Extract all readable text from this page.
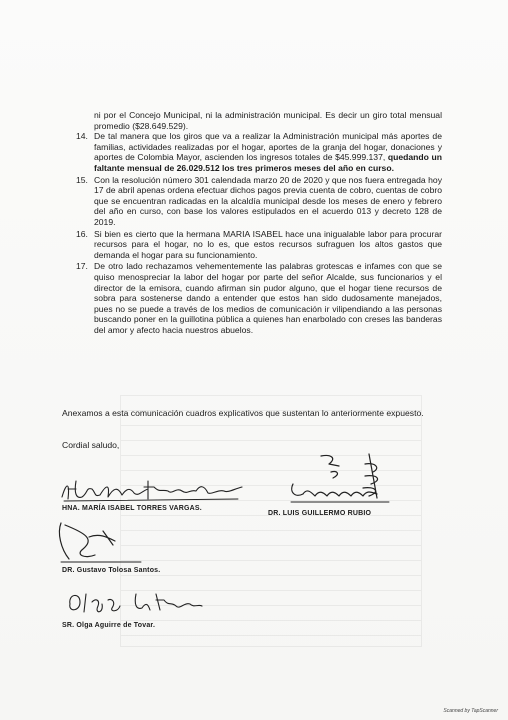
ni por el Concejo Municipal, ni la administración municipal. Es decir un giro total mensual promedio ($28.649.529).

14. De tal manera que los giros que va a realizar la Administración municipal más aportes de familias, actividades realizadas por el hogar, aportes de la granja del hogar, donaciones y aportes de Colombia Mayor, ascienden los ingresos totales de $45.999.137, quedando un faltante mensual de 26.029.512 los tres primeros meses del año en curso.

15. Con la resolución número 301 calendada marzo 20 de 2020 y que nos fuera entregada hoy 17 de abril apenas ordena efectuar dichos pagos previa cuenta de cobro, cuentas de cobro que se encuentran radicadas en la alcaldía municipal desde los meses de enero y febrero del año en curso, con base los valores estipulados en el acuerdo 013 y decreto 128 de 2019.

16. Si bien es cierto que la hermana MARIA ISABEL hace una inigualable labor para procurar recursos para el hogar, no lo es, que estos recursos sufraguen los altos gastos que demanda el hogar para su funcionamiento.

17. De otro lado rechazamos vehementemente las palabras grotescas e infames con que se quiso menospreciar la labor del hogar por parte del señor Alcalde, sus funcionarios y el director de la emisora, cuando afirman sin pudor alguno, que el hogar tiene recursos de sobra para sostenerse dando a entender que estos han sido dudosamente manejados, pues no se puede a través de los medios de comunicación ir vilipendiando a las personas buscando poner en la guillotina pública a quienes han enarbolado con creses las banderas del amor y afecto hacia nuestros abuelos.

Anexamos a esta comunicación cuadros explicativos que sustentan lo anteriormente expuesto.
Cordial saludo,
HNA. MARÍA ISABEL TORRES VARGAS.
DR. LUIS GUILLERMO RUBIO
DR. Gustavo Tolosa Santos.
SR. Olga Aguirre de Tovar.
Scanned by TapScanner
